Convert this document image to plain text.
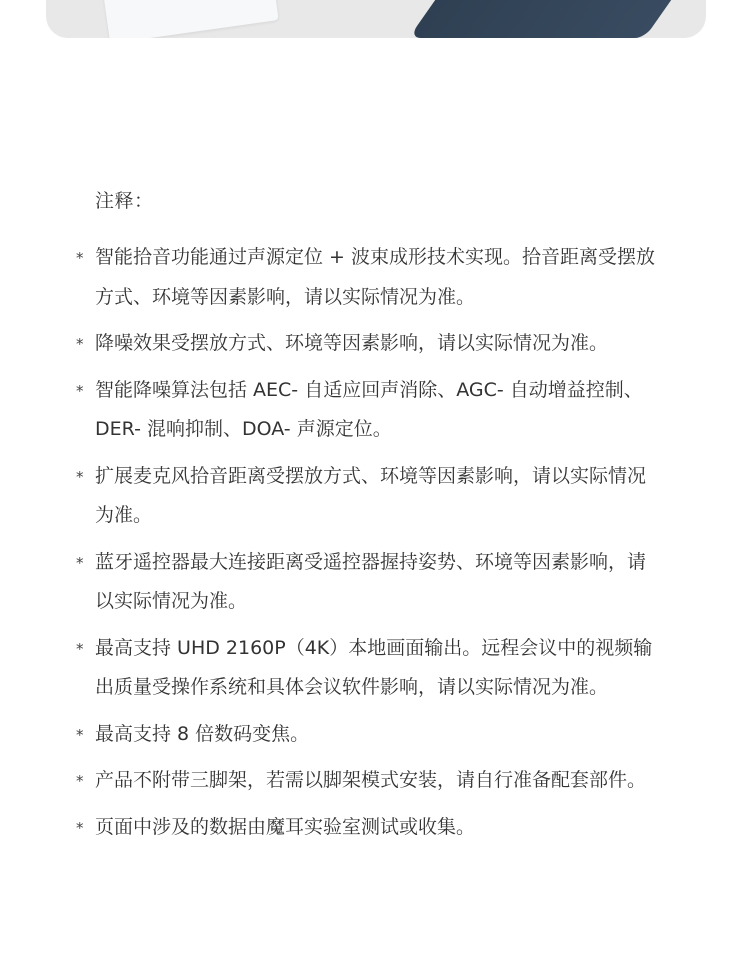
注释：
* 智能拾音功能通过声源定位 + 波束成形技术实现。拾音距离受摆放方式、环境等因素影响，请以实际情况为准。
* 降噪效果受摆放方式、环境等因素影响，请以实际情况为准。
* 智能降噪算法包括 AEC- 自适应回声消除、AGC- 自动增益控制、DER- 混响抑制、DOA- 声源定位。
* 扩展麦克风拾音距离受摆放方式、环境等因素影响，请以实际情况为准。
* 蓝牙遥控器最大连接距离受遥控器握持姿势、环境等因素影响，请以实际情况为准。
* 最高支持 UHD 2160P（4K）本地画面输出。远程会议中的视频输出质量受操作系统和具体会议软件影响，请以实际情况为准。
* 最高支持 8 倍数码变焦。
* 产品不附带三脚架，若需以脚架模式安装，请自行准备配套部件。
* 页面中涉及的数据由魔耳实验室测试或收集。
